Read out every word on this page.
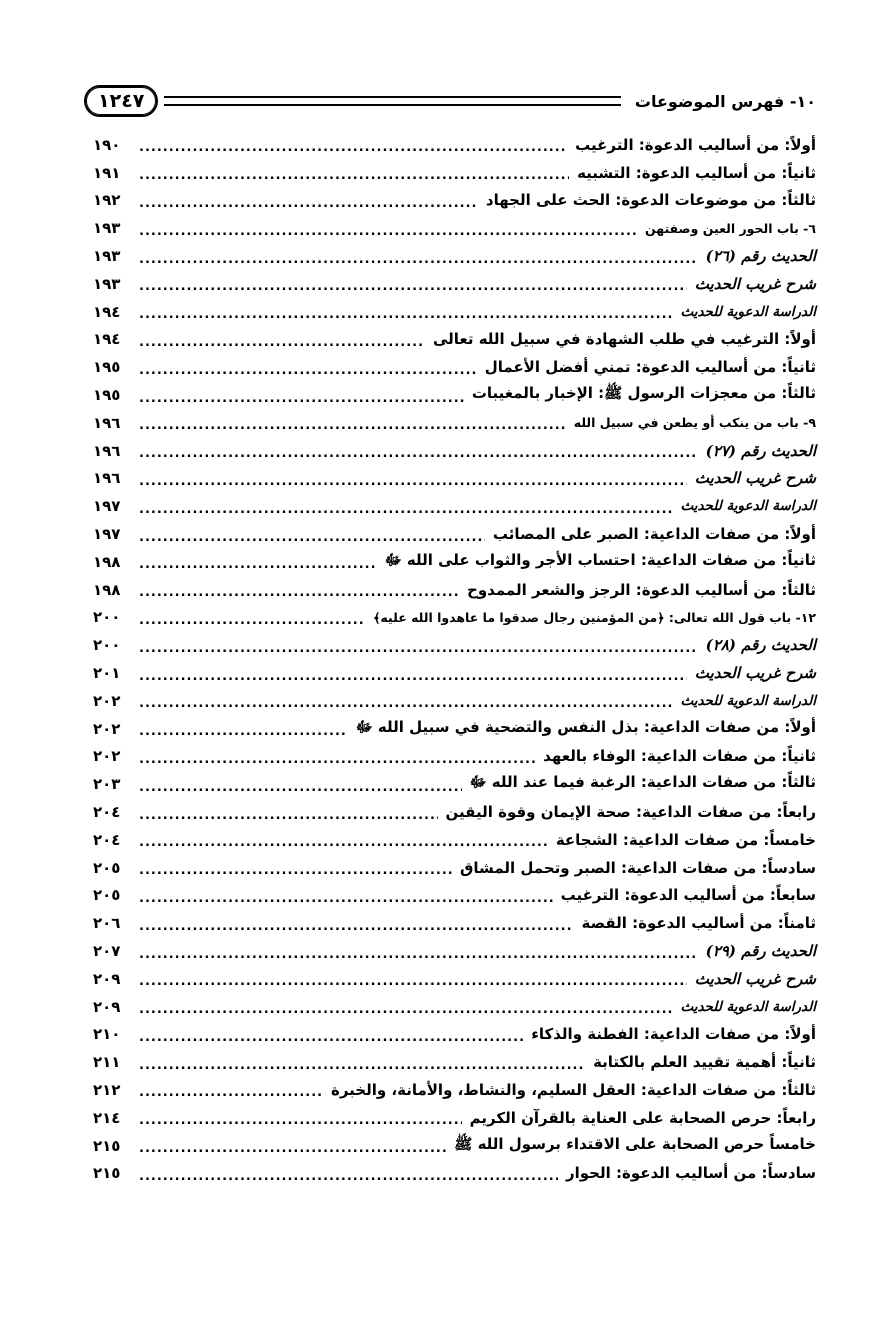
١٠- فهرس الموضوعات
١٢٤٧
أولاً: من أساليب الدعوة: الترغيب
.....
١٩٠
ثانياً: من أساليب الدعوة: التشبيه
.....
١٩١
ثالثاً: من موضوعات الدعوة: الحث على الجهاد
.....
١٩٢
٦- باب الحور العين وصفتهن
.....
١٩٣
الحديث رقم (٢٦)
.....
١٩٣
شرح غريب الحديث
.....
١٩٣
الدراسة الدعوية للحديث
.....
١٩٤
أولاً: الترغيب في طلب الشهادة في سبيل الله تعالى
.....
١٩٤
ثانياً: من أساليب الدعوة: تمني أفضل الأعمال
.....
١٩٥
ثالثاً: من معجزات الرسول ﷺ: الإخبار بالمغيبات
.....
١٩٥
٩- باب من ينكب أو يطعن في سبيل الله
.....
١٩٦
الحديث رقم (٢٧)
.....
١٩٦
شرح غريب الحديث
.....
١٩٦
الدراسة الدعوية للحديث
.....
١٩٧
أولاً: من صفات الداعية: الصبر على المصائب
.....
١٩٧
ثانياً: من صفات الداعية: احتساب الأجر والثواب على الله ﷻ
.....
١٩٨
ثالثاً: من أساليب الدعوة: الرجز والشعر الممدوح
.....
١٩٨
١٢- باب قول الله تعالى: ﴿من المؤمنين رجال صدقوا ما عاهدوا الله عليه﴾
.....
٢٠٠
الحديث رقم (٢٨)
.....
٢٠٠
شرح غريب الحديث
.....
٢٠١
الدراسة الدعوية للحديث
.....
٢٠٢
أولاً: من صفات الداعية: بذل النفس والتضحية في سبيل الله ﷻ
.....
٢٠٢
ثانياً: من صفات الداعية: الوفاء بالعهد
.....
٢٠٢
ثالثاً: من صفات الداعية: الرغبة فيما عند الله ﷻ
.....
٢٠٣
رابعاً: من صفات الداعية: صحة الإيمان وقوة اليقين
.....
٢٠٤
خامساً: من صفات الداعية: الشجاعة
.....
٢٠٤
سادساً: من صفات الداعية: الصبر وتحمل المشاق
.....
٢٠٥
سابعاً: من أساليب الدعوة: الترغيب
.....
٢٠٥
ثامناً: من أساليب الدعوة: القصة
.....
٢٠٦
الحديث رقم (٢٩)
.....
٢٠٧
شرح غريب الحديث
.....
٢٠٩
الدراسة الدعوية للحديث
.....
٢٠٩
أولاً: من صفات الداعية: الفطنة والذكاء
.....
٢١٠
ثانياً: أهمية تقييد العلم بالكتابة
.....
٢١١
ثالثاً: من صفات الداعية: العقل السليم، والنشاط، والأمانة، والخبرة
.....
٢١٢
رابعاً: حرص الصحابة على العناية بالقرآن الكريم
.....
٢١٤
خامساً حرص الصحابة على الاقتداء برسول الله ﷺ
.....
٢١٥
سادساً: من أساليب الدعوة: الحوار
.....
٢١٥
